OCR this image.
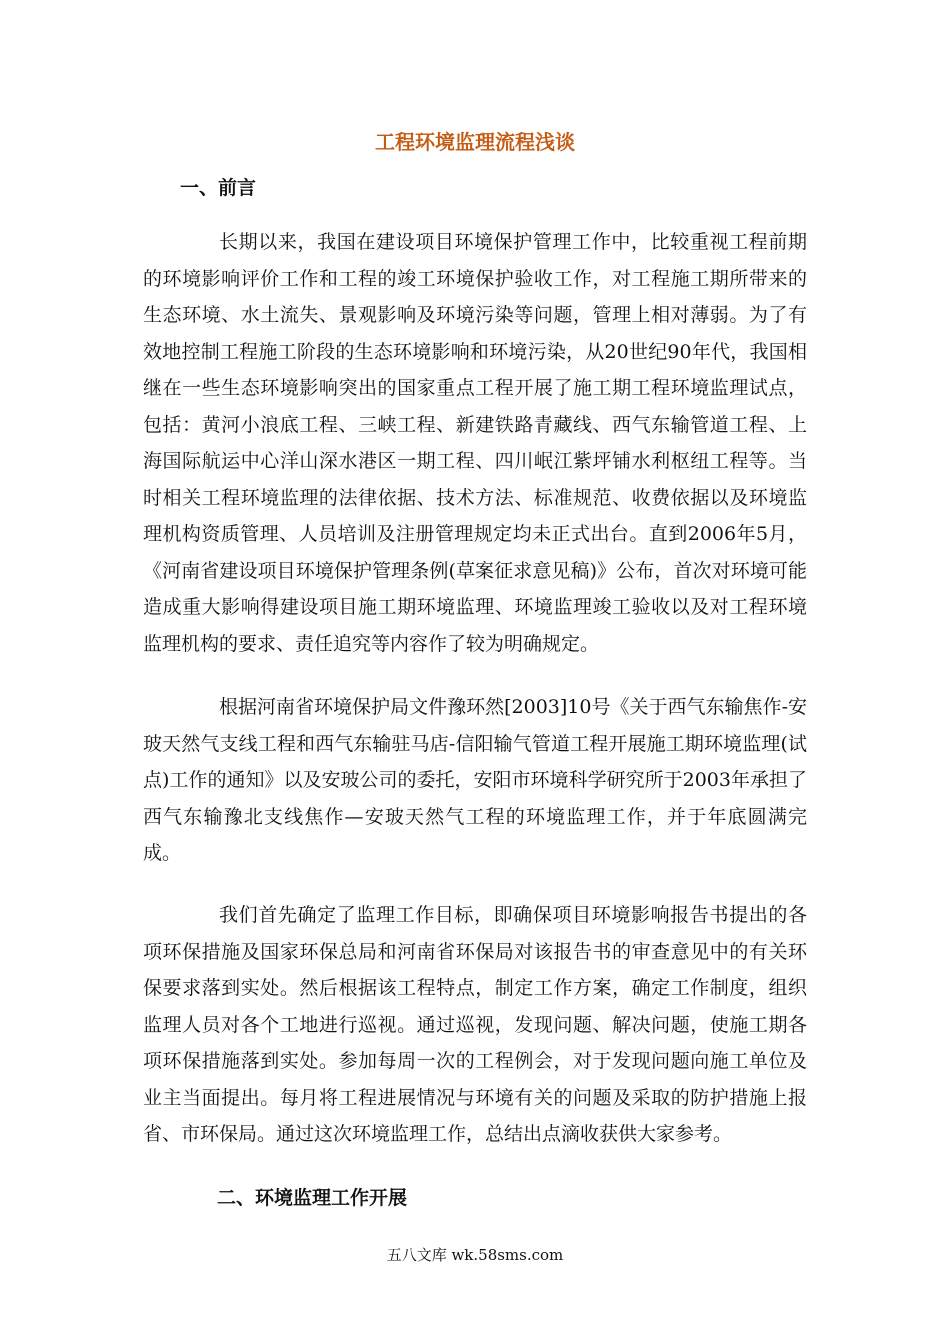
工程环境监理流程浅谈
一、前言

长期以来，我国在建设项目环境保护管理工作中，比较重视工程前期的环境影响评价工作和工程的竣工环境保护验收工作，对工程施工期所带来的生态环境、水土流失、景观影响及环境污染等问题，管理上相对薄弱。为了有效地控制工程施工阶段的生态环境影响和环境污染，从20世纪90年代，我国相继在一些生态环境影响突出的国家重点工程开展了施工期工程环境监理试点，包括：黄河小浪底工程、三峡工程、新建铁路青藏线、西气东输管道工程、上海国际航运中心洋山深水港区一期工程、四川岷江紫坪铺水利枢纽工程等。当时相关工程环境监理的法律依据、技术方法、标准规范、收费依据以及环境监理机构资质管理、人员培训及注册管理规定均未正式出台。直到2006年5月，《河南省建设项目环境保护管理条例(草案征求意见稿)》公布，首次对环境可能造成重大影响得建设项目施工期环境监理、环境监理竣工验收以及对工程环境监理机构的要求、责任追究等内容作了较为明确规定。

根据河南省环境保护局文件豫环然[2003]10号《关于西气东输焦作-安玻天然气支线工程和西气东输驻马店-信阳输气管道工程开展施工期环境监理(试点)工作的通知》以及安玻公司的委托，安阳市环境科学研究所于2003年承担了西气东输豫北支线焦作—安玻天然气工程的环境监理工作，并于年底圆满完成。

我们首先确定了监理工作目标，即确保项目环境影响报告书提出的各项环保措施及国家环保总局和河南省环保局对该报告书的审查意见中的有关环保要求落到实处。然后根据该工程特点，制定工作方案，确定工作制度，组织监理人员对各个工地进行巡视。通过巡视，发现问题、解决问题，使施工期各项环保措施落到实处。参加每周一次的工程例会，对于发现问题向施工单位及业主当面提出。每月将工程进展情况与环境有关的问题及采取的防护措施上报省、市环保局。通过这次环境监理工作，总结出点滴收获供大家参考。

二、环境监理工作开展
五八文库 wk.58sms.com
